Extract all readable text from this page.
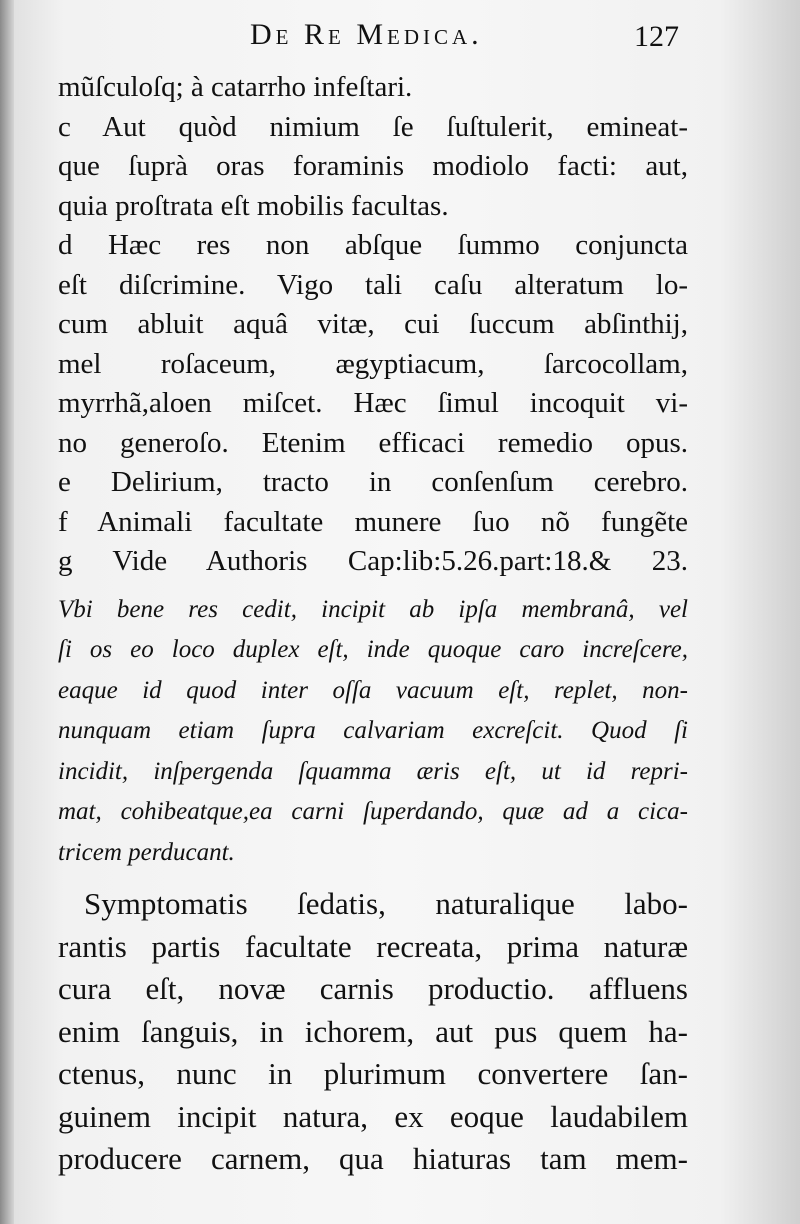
De Re Medica.	127
mũſculoſq; à catarrho infeſtari.
c Aut quòd nimium ſe ſuſtulerit, emineat-
que ſuprà oras foraminis modiolo facti: aut,
quia proſtrata eſt mobilis facultas.
d Hæc res non abſque ſummo conjuncta
eſt diſcrimine. Vigo tali caſu alteratum lo-
cum abluit aquâ vitæ, cui ſuccum abſinthij,
mel roſaceum, ægyptiacum, ſarcocollam,
myrrhã,aloen miſcet. Hæc ſimul incoquit vi-
no generoſo. Etenim efficaci remedio opus.
e Delirium, tracto in conſenſum cerebro.
f Animali facultate munere ſuo nõ fungẽte
g Vide Authoris Cap:lib:5.26.part:18.& 23.
Vbi bene res cedit, incipit ab ipſa membranâ, vel
ſi os eo loco duplex eſt, inde quoque caro increſcere,
eaque id quod inter oſſa vacuum eſt, replet, non-
nunquam etiam ſupra calvariam excreſcit. Quod ſi
incidit, inſpergenda ſquamma æris eſt, ut id repri-
mat, cohibeatque,ea carni ſuperdando, quæ ad a cica-
tricem perducant.
Symptomatis ſedatis, naturalique labo-
rantis partis facultate recreata, prima naturæ
cura eſt, novæ carnis productio. affluens
enim ſanguis, in ichorem, aut pus quem ha-
ctenus, nunc in plurimum convertere ſan-
guinem incipit natura, ex eoque laudabilem
producere carnem, qua hiaturas tam mem-
